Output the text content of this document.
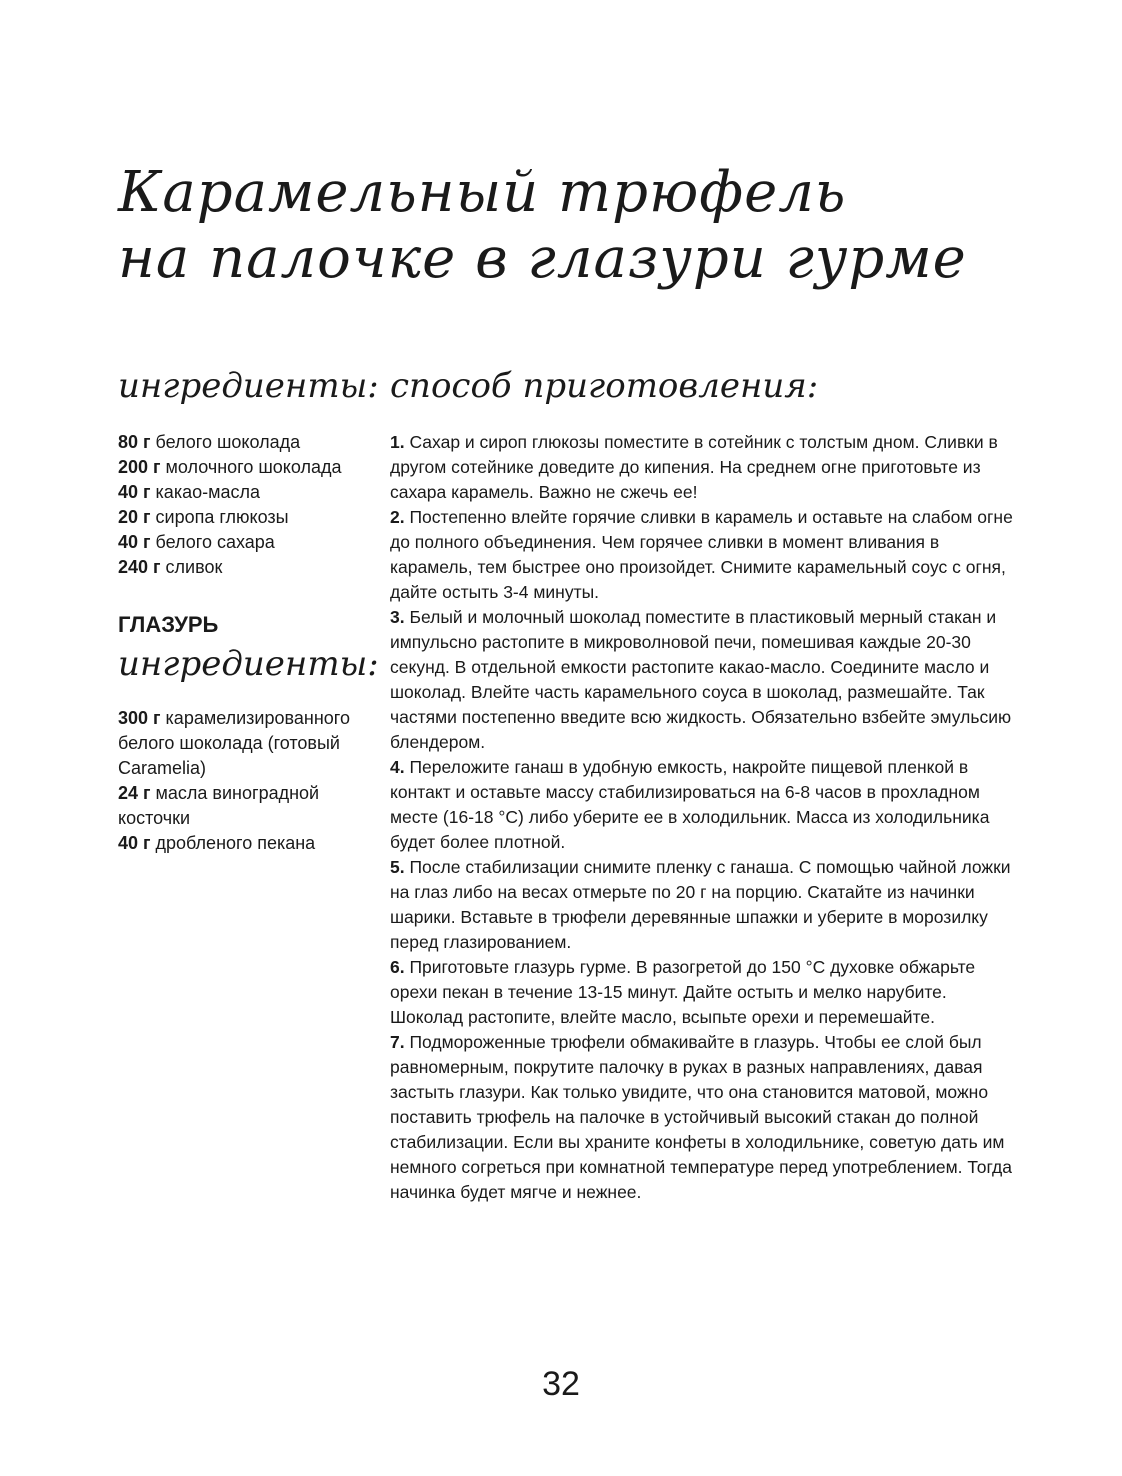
Карамельный трюфель
на палочке в глазури гурме
ингредиенты:
80 г белого шоколада
200 г молочного шоколада
40 г какао-масла
20 г сиропа глюкозы
40 г белого сахара
240 г сливок
ГЛАЗУРЬ
ингредиенты:
300 г карамелизированного белого шоколада (готовый Caramelia)
24 г масла виноградной косточки
40 г дробленого пекана
способ приготовления:
1. Сахар и сироп глюкозы поместите в сотейник с толстым дном. Сливки в другом сотейнике доведите до кипения. На среднем огне приготовьте из сахара карамель. Важно не сжечь ее!
2. Постепенно влейте горячие сливки в карамель и оставьте на слабом огне до полного объединения. Чем горячее сливки в момент вливания в карамель, тем быстрее оно произойдет. Снимите карамельный соус с огня, дайте остыть 3-4 минуты.
3. Белый и молочный шоколад поместите в пластиковый мерный стакан и импульсно растопите в микроволновой печи, помешивая каждые 20-30 секунд. В отдельной емкости растопите какао-масло. Соедините масло и шоколад. Влейте часть карамельного соуса в шоколад, размешайте. Так частями постепенно введите всю жидкость. Обязательно взбейте эмульсию блендером.
4. Переложите ганаш в удобную емкость, накройте пищевой пленкой в контакт и оставьте массу стабилизироваться на 6-8 часов в прохладном месте (16-18 °С) либо уберите ее в холодильник. Масса из холодильника будет более плотной.
5. После стабилизации снимите пленку с ганаша. С помощью чайной ложки на глаз либо на весах отмерьте по 20 г на порцию. Скатайте из начинки шарики. Вставьте в трюфели деревянные шпажки и уберите в морозилку перед глазированием.
6. Приготовьте глазурь гурме. В разогретой до 150 °С духовке обжарьте орехи пекан в течение 13-15 минут. Дайте остыть и мелко нарубите. Шоколад растопите, влейте масло, всыпьте орехи и перемешайте.
7. Подмороженные трюфели обмакивайте в глазурь. Чтобы ее слой был равномерным, покрутите палочку в руках в разных направлениях, давая застыть глазури. Как только увидите, что она становится матовой, можно поставить трюфель на палочке в устойчивый высокий стакан до полной стабилизации. Если вы храните конфеты в холодильнике, советую дать им немного согреться при комнатной температуре перед употреблением. Тогда начинка будет мягче и нежнее.

32
